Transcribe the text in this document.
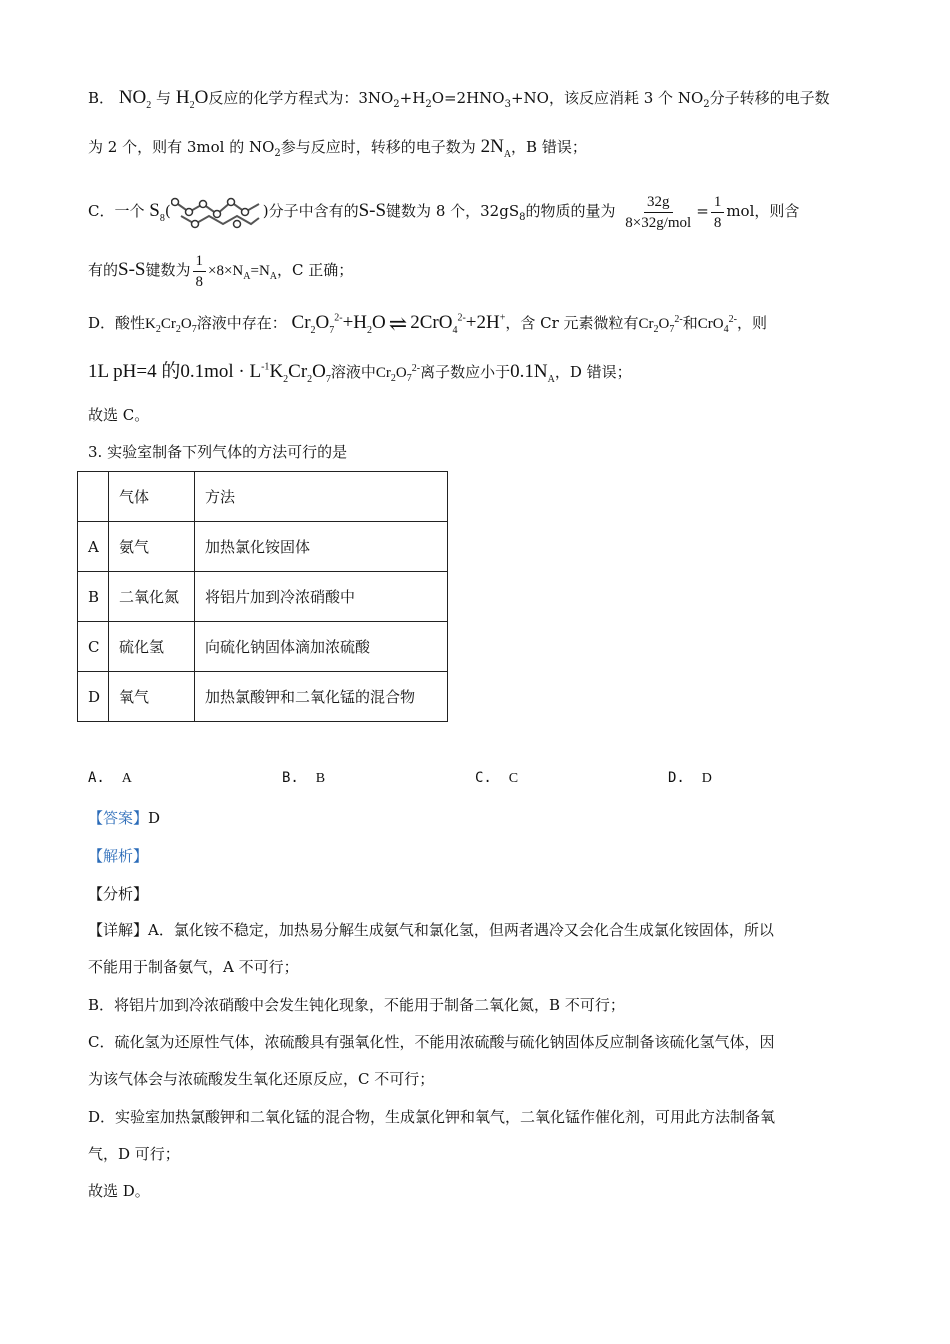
B． $NO_2$ 与 $H_2O$反应的化学方程式为：$3NO_2+H_2O=2HNO_3+NO$，该反应消耗 3 个 $NO_2$分子转移的电子数
为 2 个，则有 3mol 的 $NO_2$参与反应时，转移的电子数为 $2N_A$，B 错误；
C．一个 $S_8$(	)分子中含有的S-S键数为 8 个，$32gS_8$的物质的量为 $\frac{32g}{\text{8×32g/mol}} = \frac{1}{8}$ mol，则含
有的S-S键数为 $\frac{1}{8} \times 8\times N_A=N_A$，C 正确；
D．酸性$K_2Cr_2O_7$溶液中存在： $Cr_2O_7^{2-}+H_2O$ ⇌ 2CrO$_4^{2-}$+2H+，含 Cr 元素微粒有$Cr_2O_7^{2-}$和CrO$_4^{2-}$，则
1L pH=4 的$0.1mol \cdot L^{-1}K_2Cr_2O_7$溶液中$Cr_2O_7^{2-}$离子数应小于$0.1N_A$，D 错误；
故选 C。
3. 实验室制备下列气体的方法可行的是
	气体	方法
A	氨气	加热氯化铵固体
B	二氧化氮	将铝片加到冷浓硝酸中
C	硫化氢	向硫化钠固体滴加浓硫酸
D	氧气	加热氯酸钾和二氧化锰的混合物
A. A	B. B	C. C	D. D
【答案】D
【解析】
【分析】
【详解】A．氯化铵不稳定，加热易分解生成氨气和氯化氢，但两者遇冷又会化合生成氯化铵固体，所以
不能用于制备氨气，A 不可行；
B．将铝片加到冷浓硝酸中会发生钝化现象，不能用于制备二氧化氮，B 不可行；
C．硫化氢为还原性气体，浓硫酸具有强氧化性，不能用浓硫酸与硫化钠固体反应制备该硫化氢气体，因
为该气体会与浓硫酸发生氧化还原反应，C 不可行；
D．实验室加热氯酸钾和二氧化锰的混合物，生成氯化钾和氧气，二氧化锰作催化剂，可用此方法制备氧
气，D 可行；
故选 D。
